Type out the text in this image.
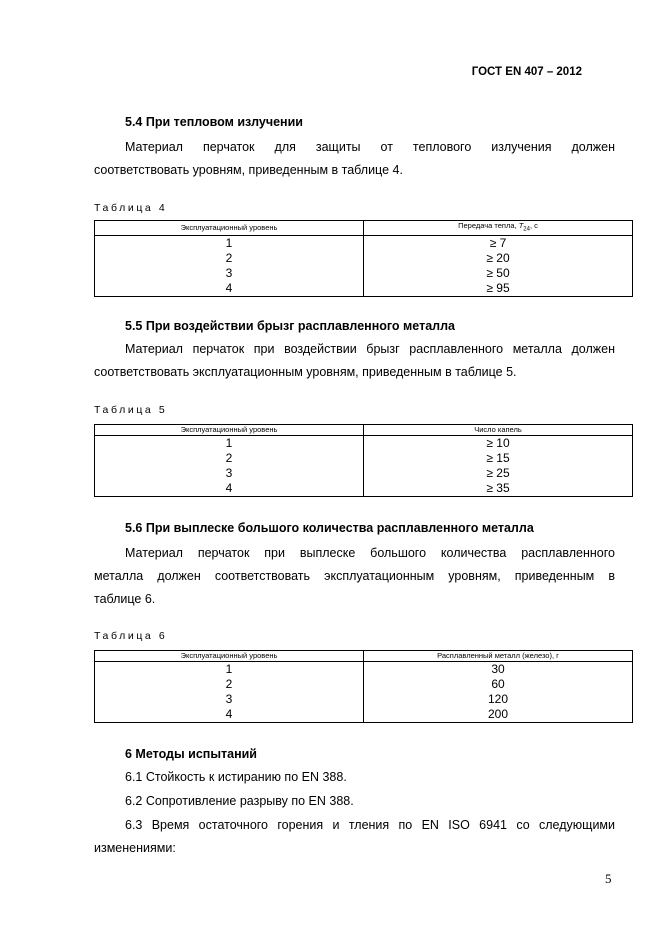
ГОСТ EN 407 – 2012
5.4 При тепловом излучении
Материал перчаток для защиты от теплового излучения должен
соответствовать уровням, приведенным в таблице 4.
Таблица 4
Эксплуатационный уровень	Передача тепла, $T_{24}$, с
1	≥ 7
2	≥ 20
3	≥ 50
4	≥ 95
5.5 При воздействии брызг расплавленного металла
Материал перчаток при воздействии брызг расплавленного металла должен
соответствовать эксплуатационным уровням, приведенным в таблице 5.
Таблица 5
Эксплуатационный уровень	Число капель
1	≥ 10
2	≥ 15
3	≥ 25
4	≥ 35
5.6 При выплеске большого количества расплавленного металла
Материал перчаток при выплеске большого количества расплавленного
металла должен соответствовать эксплуатационным уровням, приведенным в
таблице 6.
Таблица 6
Эксплуатационный уровень	Расплавленный металл (железо), г
1	30
2	60
3	120
4	200
6 Методы испытаний
6.1 Стойкость к истиранию по EN 388.
6.2 Сопротивление разрыву по EN 388.
6.3 Время остаточного горения и тления по EN ISO 6941 со следующими
изменениями:
5
